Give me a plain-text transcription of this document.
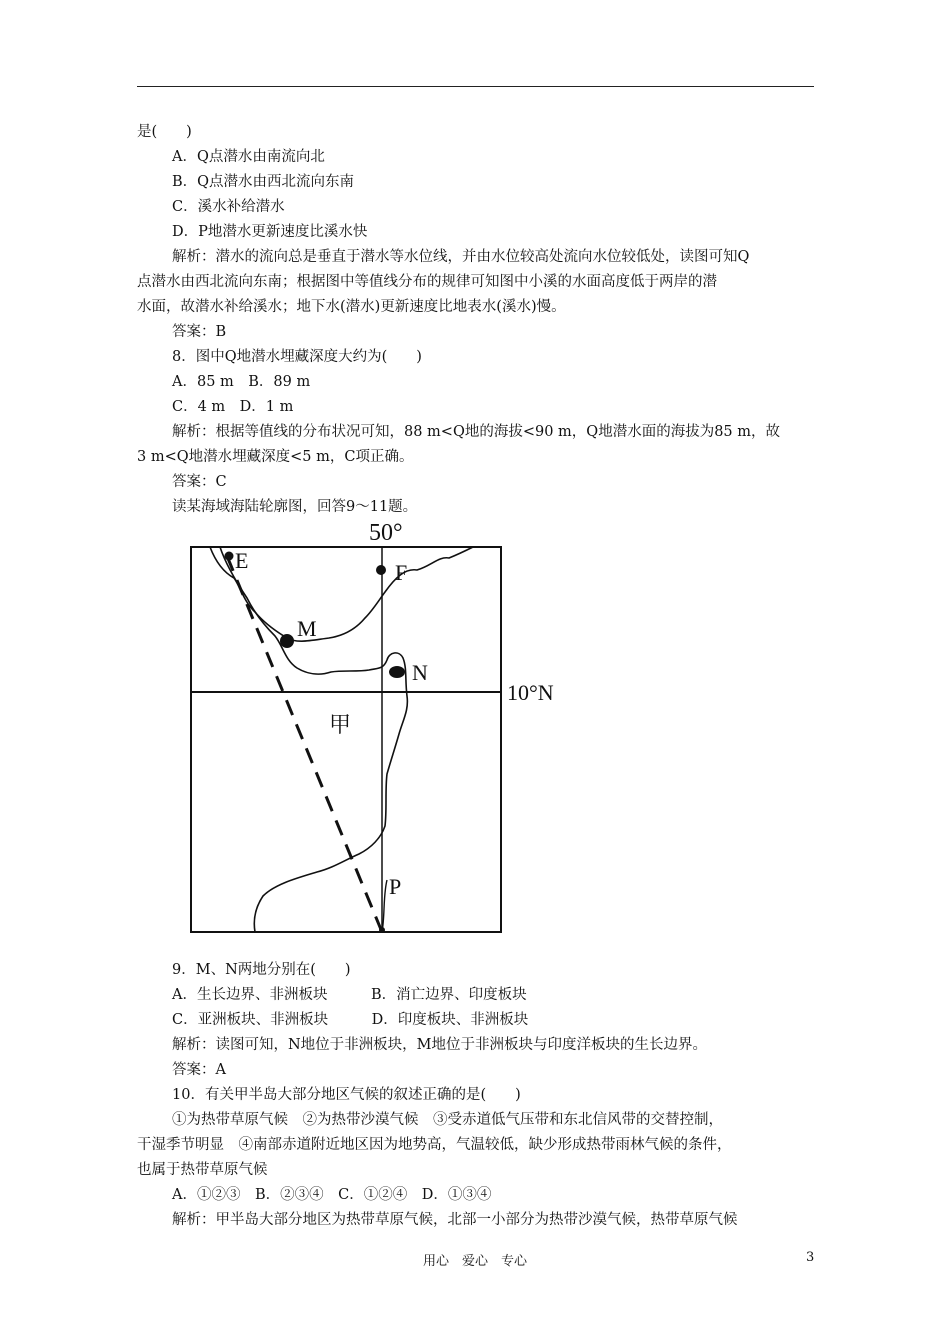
是(　　)
A．Q点潜水由南流向北
B．Q点潜水由西北流向东南
C．溪水补给潜水
D．P地潜水更新速度比溪水快
解析：潜水的流向总是垂直于潜水等水位线，并由水位较高处流向水位较低处，读图可知Q
点潜水由西北流向东南；根据图中等值线分布的规律可知图中小溪的水面高度低于两岸的潜
水面，故潜水补给溪水；地下水(潜水)更新速度比地表水(溪水)慢。
答案：B
8．图中Q地潜水埋藏深度大约为(　　)
A．85 m　B．89 m
C．4 m　D．1 m
解析：根据等值线的分布状况可知，88 m<Q地的海拔<90 m，Q地潜水面的海拔为85 m，故
3 m<Q地潜水埋藏深度<5 m，C项正确。
答案：C
读某海域海陆轮廓图，回答9～11题。
50°
10°N
E	F
M
N
P
甲
9．M、N两地分别在(　　)
A．生长边界、非洲板块　　　B．消亡边界、印度板块
C．亚洲板块、非洲板块　　　D．印度板块、非洲板块
解析：读图可知，N地位于非洲板块，M地位于非洲板块与印度洋板块的生长边界。
答案：A
10．有关甲半岛大部分地区气候的叙述正确的是(　　)
①为热带草原气候　②为热带沙漠气候　③受赤道低气压带和东北信风带的交替控制，
干湿季节明显　④南部赤道附近地区因为地势高，气温较低，缺少形成热带雨林气候的条件，
也属于热带草原气候
A．①②③　B．②③④　C．①②④　D．①③④
解析：甲半岛大部分地区为热带草原气候，北部一小部分为热带沙漠气候，热带草原气候
用心　爱心　专心	3
